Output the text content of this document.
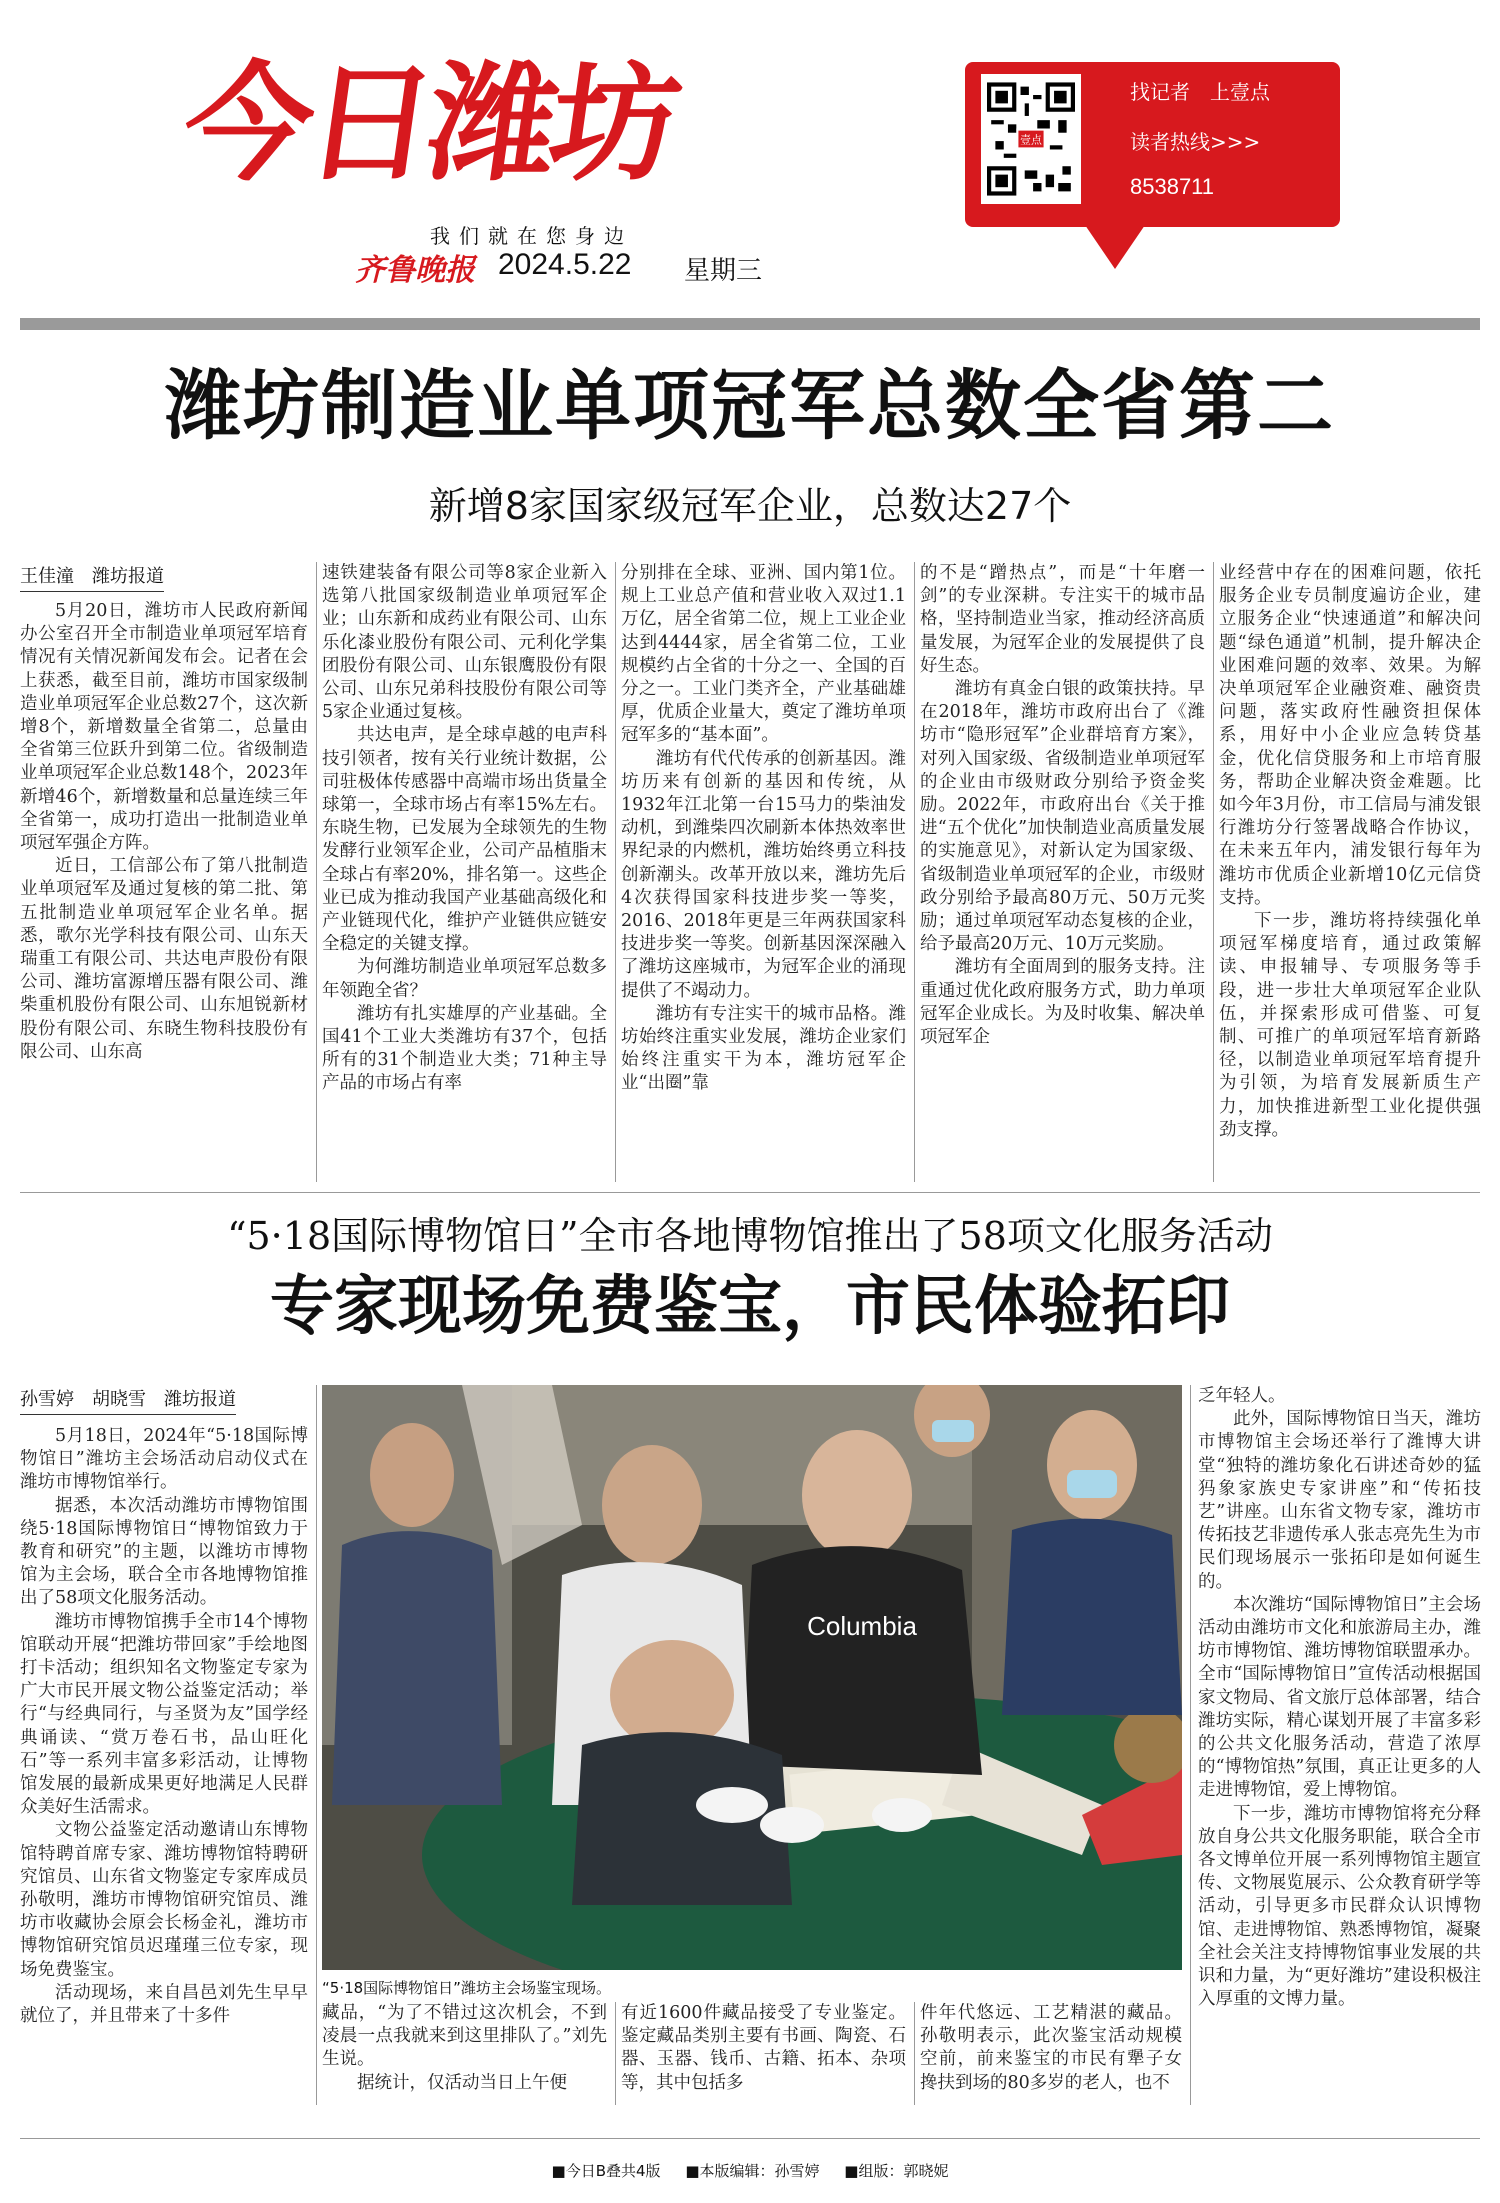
今日潍坊
我们就在您身边
齐鲁晚报 2024.5.22 星期三
壹点
找记者　上壹点
读者热线>>>
8538711
潍坊制造业单项冠军总数全省第二
新增8家国家级冠军企业，总数达27个
王佳潼　潍坊报道

5月20日，潍坊市人民政府新闻办公室召开全市制造业单项冠军培育情况有关情况新闻发布会。记者在会上获悉，截至目前，潍坊市国家级制造业单项冠军企业总数27个，这次新增8个，新增数量全省第二，总量由全省第三位跃升到第二位。省级制造业单项冠军企业总数148个，2023年新增46个，新增数量和总量连续三年全省第一，成功打造出一批制造业单项冠军强企方阵。

近日，工信部公布了第八批制造业单项冠军及通过复核的第二批、第五批制造业单项冠军企业名单。据悉，歌尔光学科技有限公司、山东天瑞重工有限公司、共达电声股份有限公司、潍坊富源增压器有限公司、潍柴重机股份有限公司、山东旭锐新材股份有限公司、东晓生物科技股份有限公司、山东高

速铁建装备有限公司等8家企业新入选第八批国家级制造业单项冠军企业；山东新和成药业有限公司、山东乐化漆业股份有限公司、元利化学集团股份有限公司、山东银鹰股份有限公司、山东兄弟科技股份有限公司等5家企业通过复核。

共达电声，是全球卓越的电声科技引领者，按有关行业统计数据，公司驻极体传感器中高端市场出货量全球第一，全球市场占有率15%左右。东晓生物，已发展为全球领先的生物发酵行业领军企业，公司产品植脂末全球占有率20%，排名第一。这些企业已成为推动我国产业基础高级化和产业链现代化，维护产业链供应链安全稳定的关键支撑。

为何潍坊制造业单项冠军总数多年领跑全省？

潍坊有扎实雄厚的产业基础。全国41个工业大类潍坊有37个，包括所有的31个制造业大类；71种主导产品的市场占有率

分别排在全球、亚洲、国内第1位。规上工业总产值和营业收入双过1.1万亿，居全省第二位，规上工业企业达到4444家，居全省第二位，工业规模约占全省的十分之一、全国的百分之一。工业门类齐全，产业基础雄厚，优质企业量大，奠定了潍坊单项冠军多的“基本面”。

潍坊有代代传承的创新基因。潍坊历来有创新的基因和传统，从1932年江北第一台15马力的柴油发动机，到潍柴四次刷新本体热效率世界纪录的内燃机，潍坊始终勇立科技创新潮头。改革开放以来，潍坊先后4次获得国家科技进步奖一等奖，2016、2018年更是三年两获国家科技进步奖一等奖。创新基因深深融入了潍坊这座城市，为冠军企业的涌现提供了不竭动力。

潍坊有专注实干的城市品格。潍坊始终注重实业发展，潍坊企业家们始终注重实干为本，潍坊冠军企业“出圈”靠

的不是“蹭热点”，而是“十年磨一剑”的专业深耕。专注实干的城市品格，坚持制造业当家，推动经济高质量发展，为冠军企业的发展提供了良好生态。

潍坊有真金白银的政策扶持。早在2018年，潍坊市政府出台了《潍坊市“隐形冠军”企业群培育方案》，对列入国家级、省级制造业单项冠军的企业由市级财政分别给予资金奖励。2022年，市政府出台《关于推进“五个优化”加快制造业高质量发展的实施意见》，对新认定为国家级、省级制造业单项冠军的企业，市级财政分别给予最高80万元、50万元奖励；通过单项冠军动态复核的企业，给予最高20万元、10万元奖励。

潍坊有全面周到的服务支持。注重通过优化政府服务方式，助力单项冠军企业成长。为及时收集、解决单项冠军企

业经营中存在的困难问题，依托服务企业专员制度遍访企业，建立服务企业“快速通道”和解决问题“绿色通道”机制，提升解决企业困难问题的效率、效果。为解决单项冠军企业融资难、融资贵问题，落实政府性融资担保体系，用好中小企业应急转贷基金，优化信贷服务和上市培育服务，帮助企业解决资金难题。比如今年3月份，市工信局与浦发银行潍坊分行签署战略合作协议，在未来五年内，浦发银行每年为潍坊市优质企业新增10亿元信贷支持。

下一步，潍坊将持续强化单项冠军梯度培育，通过政策解读、申报辅导、专项服务等手段，进一步壮大单项冠军企业队伍，并探索形成可借鉴、可复制、可推广的单项冠军培育新路径，以制造业单项冠军培育提升为引领，为培育发展新质生产力，加快推进新型工业化提供强劲支撑。

“5·18国际博物馆日”全市各地博物馆推出了58项文化服务活动
专家现场免费鉴宝，市民体验拓印
孙雪婷　胡晓雪　潍坊报道

5月18日，2024年“5·18国际博物馆日”潍坊主会场活动启动仪式在潍坊市博物馆举行。

据悉，本次活动潍坊市博物馆围绕5·18国际博物馆日“博物馆致力于教育和研究”的主题，以潍坊市博物馆为主会场，联合全市各地博物馆推出了58项文化服务活动。

潍坊市博物馆携手全市14个博物馆联动开展“把潍坊带回家”手绘地图打卡活动；组织知名文物鉴定专家为广大市民开展文物公益鉴定活动；举行“与经典同行，与圣贤为友”国学经典诵读、“赏万卷石书，品山旺化石”等一系列丰富多彩活动，让博物馆发展的最新成果更好地满足人民群众美好生活需求。

文物公益鉴定活动邀请山东博物馆特聘首席专家、潍坊博物馆特聘研究馆员、山东省文物鉴定专家库成员孙敬明，潍坊市博物馆研究馆员、潍坊市收藏协会原会长杨金礼，潍坊市博物馆研究馆员迟瑾瑾三位专家，现场免费鉴宝。

活动现场，来自昌邑刘先生早早就位了，并且带来了十多件

Columbia
“5·18国际博物馆日”潍坊主会场鉴宝现场。

藏品，“为了不错过这次机会，不到凌晨一点我就来到这里排队了。”刘先生说。

据统计，仅活动当日上午便

有近1600件藏品接受了专业鉴定。鉴定藏品类别主要有书画、陶瓷、石器、玉器、钱币、古籍、拓本、杂项等，其中包括多

件年代悠远、工艺精湛的藏品。孙敬明表示，此次鉴宝活动规模空前，前来鉴宝的市民有犟子女搀扶到场的80多岁的老人，也不

乏年轻人。

此外，国际博物馆日当天，潍坊市博物馆主会场还举行了潍博大讲堂“独特的潍坊象化石讲述奇妙的猛犸象家族史专家讲座”和“传拓技艺”讲座。山东省文物专家，潍坊市传拓技艺非遗传承人张志亮先生为市民们现场展示一张拓印是如何诞生的。

本次潍坊“国际博物馆日”主会场活动由潍坊市文化和旅游局主办，潍坊市博物馆、潍坊博物馆联盟承办。全市“国际博物馆日”宣传活动根据国家文物局、省文旅厅总体部署，结合潍坊实际，精心谋划开展了丰富多彩的公共文化服务活动，营造了浓厚的“博物馆热”氛围，真正让更多的人走进博物馆，爱上博物馆。

下一步，潍坊市博物馆将充分释放自身公共文化服务职能，联合全市各文博单位开展一系列博物馆主题宣传、文物展览展示、公众教育研学等活动，引导更多市民群众认识博物馆、走进博物馆、熟悉博物馆，凝聚全社会关注支持博物馆事业发展的共识和力量，为“更好潍坊”建设积极注入厚重的文博力量。

■今日B叠共4版 ■本版编辑：孙雪婷 ■组版：郭晓妮
